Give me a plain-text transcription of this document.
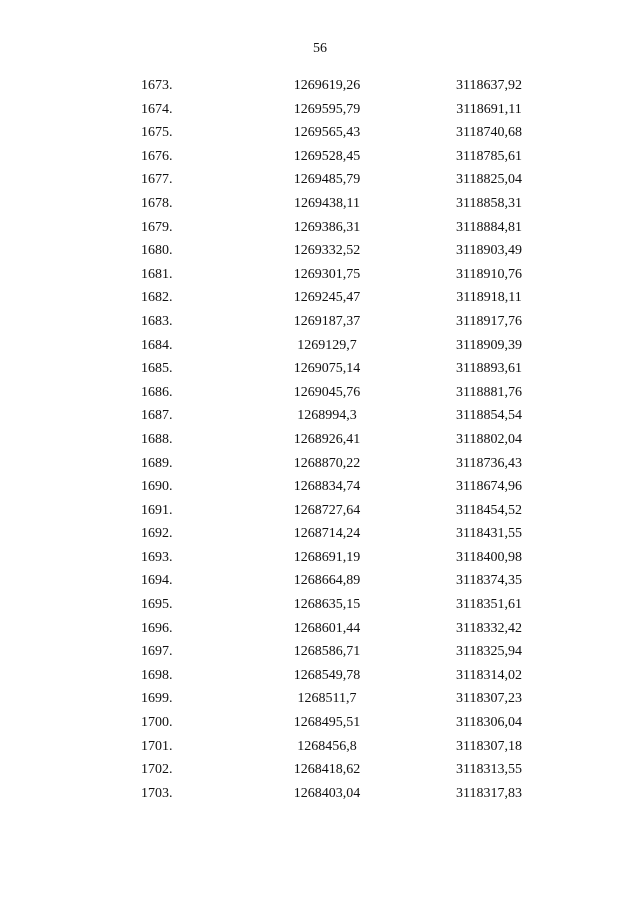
56
1673.	1269619,26	3118637,92
1674.	1269595,79	3118691,11
1675.	1269565,43	3118740,68
1676.	1269528,45	3118785,61
1677.	1269485,79	3118825,04
1678.	1269438,11	3118858,31
1679.	1269386,31	3118884,81
1680.	1269332,52	3118903,49
1681.	1269301,75	3118910,76
1682.	1269245,47	3118918,11
1683.	1269187,37	3118917,76
1684.	1269129,7	3118909,39
1685.	1269075,14	3118893,61
1686.	1269045,76	3118881,76
1687.	1268994,3	3118854,54
1688.	1268926,41	3118802,04
1689.	1268870,22	3118736,43
1690.	1268834,74	3118674,96
1691.	1268727,64	3118454,52
1692.	1268714,24	3118431,55
1693.	1268691,19	3118400,98
1694.	1268664,89	3118374,35
1695.	1268635,15	3118351,61
1696.	1268601,44	3118332,42
1697.	1268586,71	3118325,94
1698.	1268549,78	3118314,02
1699.	1268511,7	3118307,23
1700.	1268495,51	3118306,04
1701.	1268456,8	3118307,18
1702.	1268418,62	3118313,55
1703.	1268403,04	3118317,83
